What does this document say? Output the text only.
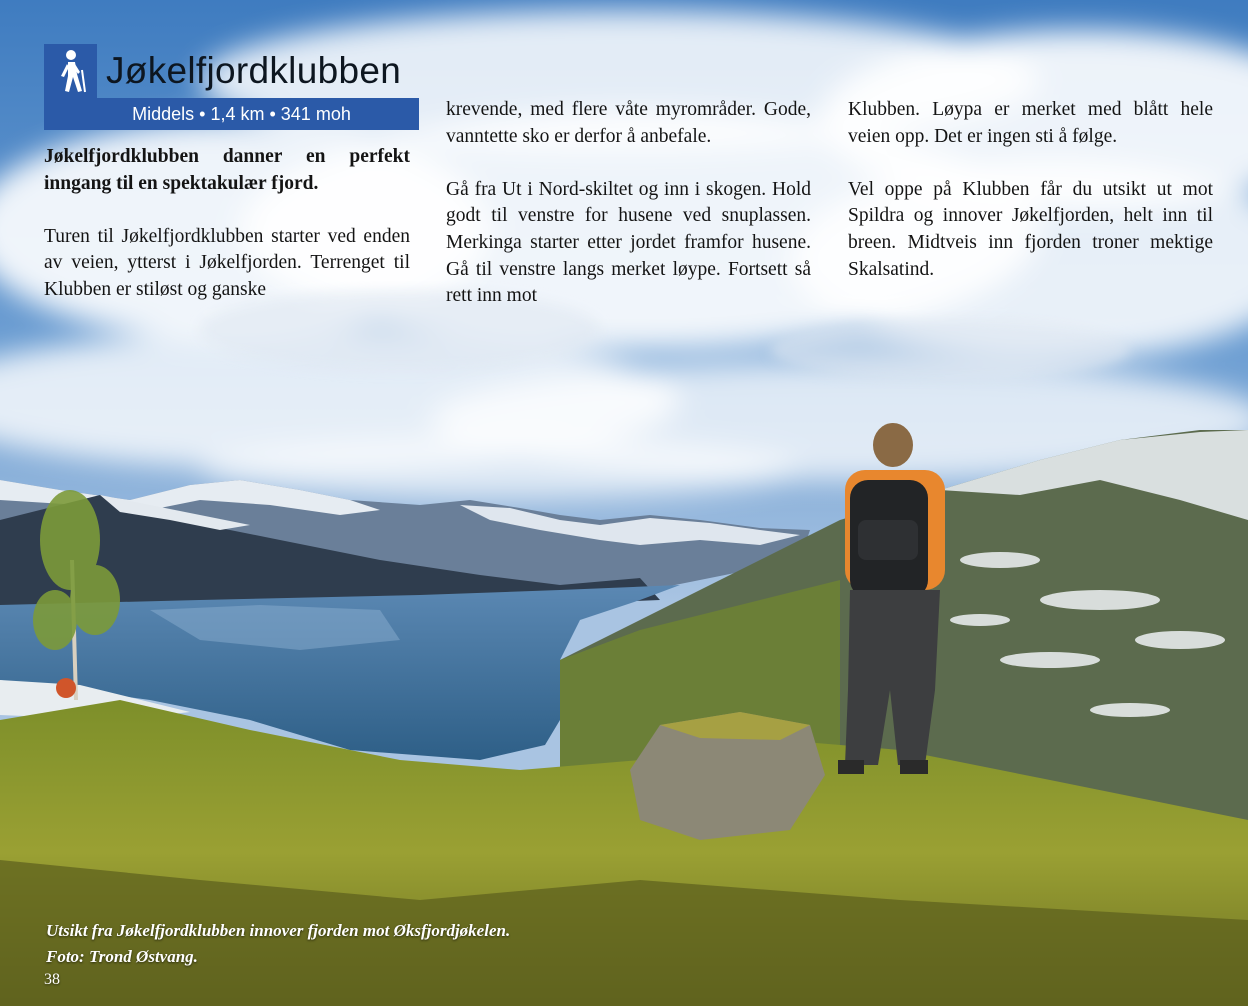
Jøkelfjordklubben
Middels • 1,4 km • 341 moh

Jøkelfjordklubben danner en perfekt inngang til en spektakulær fjord.

Turen til Jøkelfjordklubben starter ved enden av veien, ytterst i Jøkelfjorden. Terrenget til Klubben er stiløst og ganske

krevende, med flere våte myrområder. Gode, vanntette sko er derfor å anbefale.

Gå fra Ut i Nord-skiltet og inn i skogen. Hold godt til venstre for husene ved snuplassen. Merkinga starter etter jordet framfor husene. Gå til venstre langs merket løype. Fortsett så rett inn mot

Klubben. Løypa er merket med blått hele veien opp. Det er ingen sti å følge.

Vel oppe på Klubben får du utsikt ut mot Spildra og innover Jøkelfjorden, helt inn til breen. Midtveis inn fjorden troner mektige Skalsatind.

Utsikt fra Jøkelfjordklubben innover fjorden mot Øksfjordjøkelen.
Foto: Trond Østvang.
38
